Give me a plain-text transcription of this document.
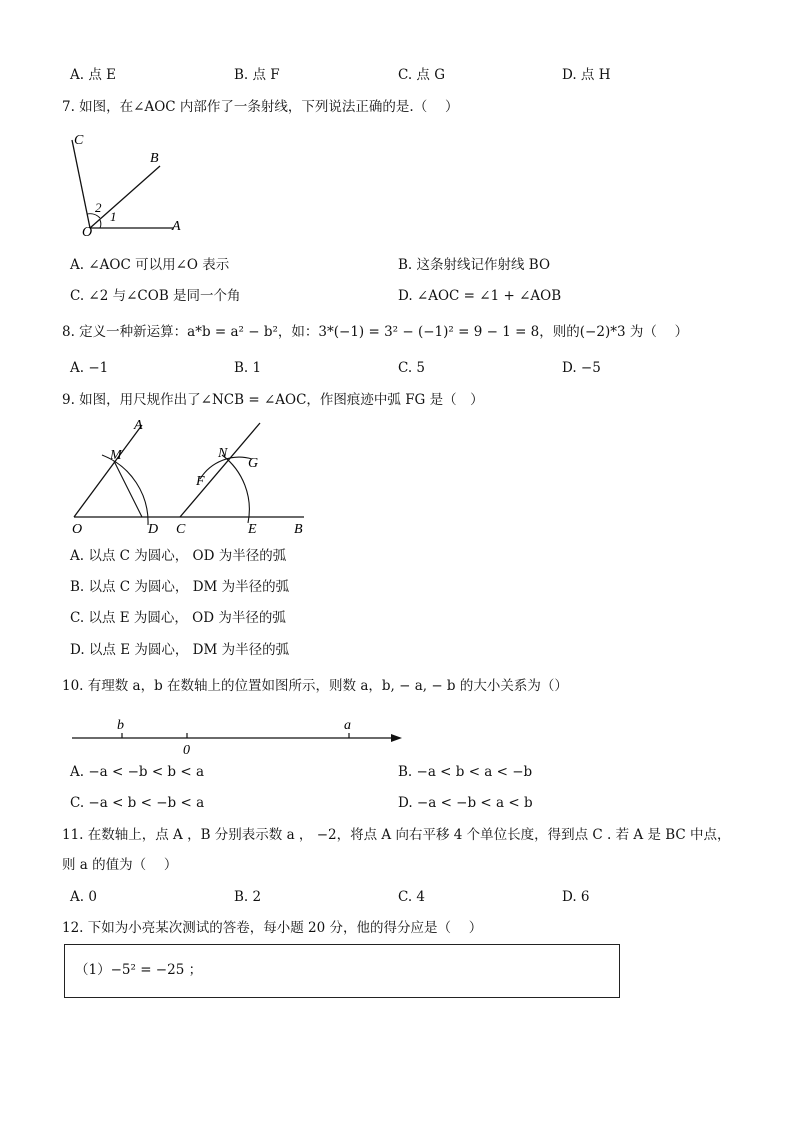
A. 点 E	B. 点 F	C. 点 G	D. 点 H
7. 如图，在∠AOC 内部作了一条射线，下列说法正确的是.（　 ）
C
B
2
1
O	A
A. ∠AOC 可以用∠O 表示	B. 这条射线记作射线 BO
C. ∠2 与∠COB 是同一个角	D. ∠AOC = ∠1 + ∠AOB
8. 定义一种新运算：a*b = a² − b²，如：3*(−1) = 3² − (−1)² = 9 − 1 = 8，则的(−2)*3 为（　 ）
A. −1	B. 1	C. 5	D. −5
9. 如图，用尺规作出了∠NCB = ∠AOC，作图痕迹中弧 FG 是（　）
A
M
O	D
N
G
F
C	E	B
A. 以点 C 为圆心， OD 为半径的弧
B. 以点 C 为圆心， DM 为半径的弧
C. 以点 E 为圆心， OD 为半径的弧
D. 以点 E 为圆心， DM 为半径的弧
10. 有理数 a，b 在数轴上的位置如图所示，则数 a，b, − a, − b 的大小关系为（）
b
0
a
A. −a < −b < b < a	B. −a < b < a < −b
C. −a < b < −b < a	D. −a < −b < a < b
11. 在数轴上，点 A ，B 分别表示数 a ， −2，将点 A 向右平移 4 个单位长度，得到点 C . 若 A 是 BC 中点，
则 a 的值为（　 ）
A. 0	B. 2	C. 4	D. 6
12. 下如为小亮某次测试的答卷，每小题 20 分，他的得分应是（　 ）
（1）−5² = −25 ；
